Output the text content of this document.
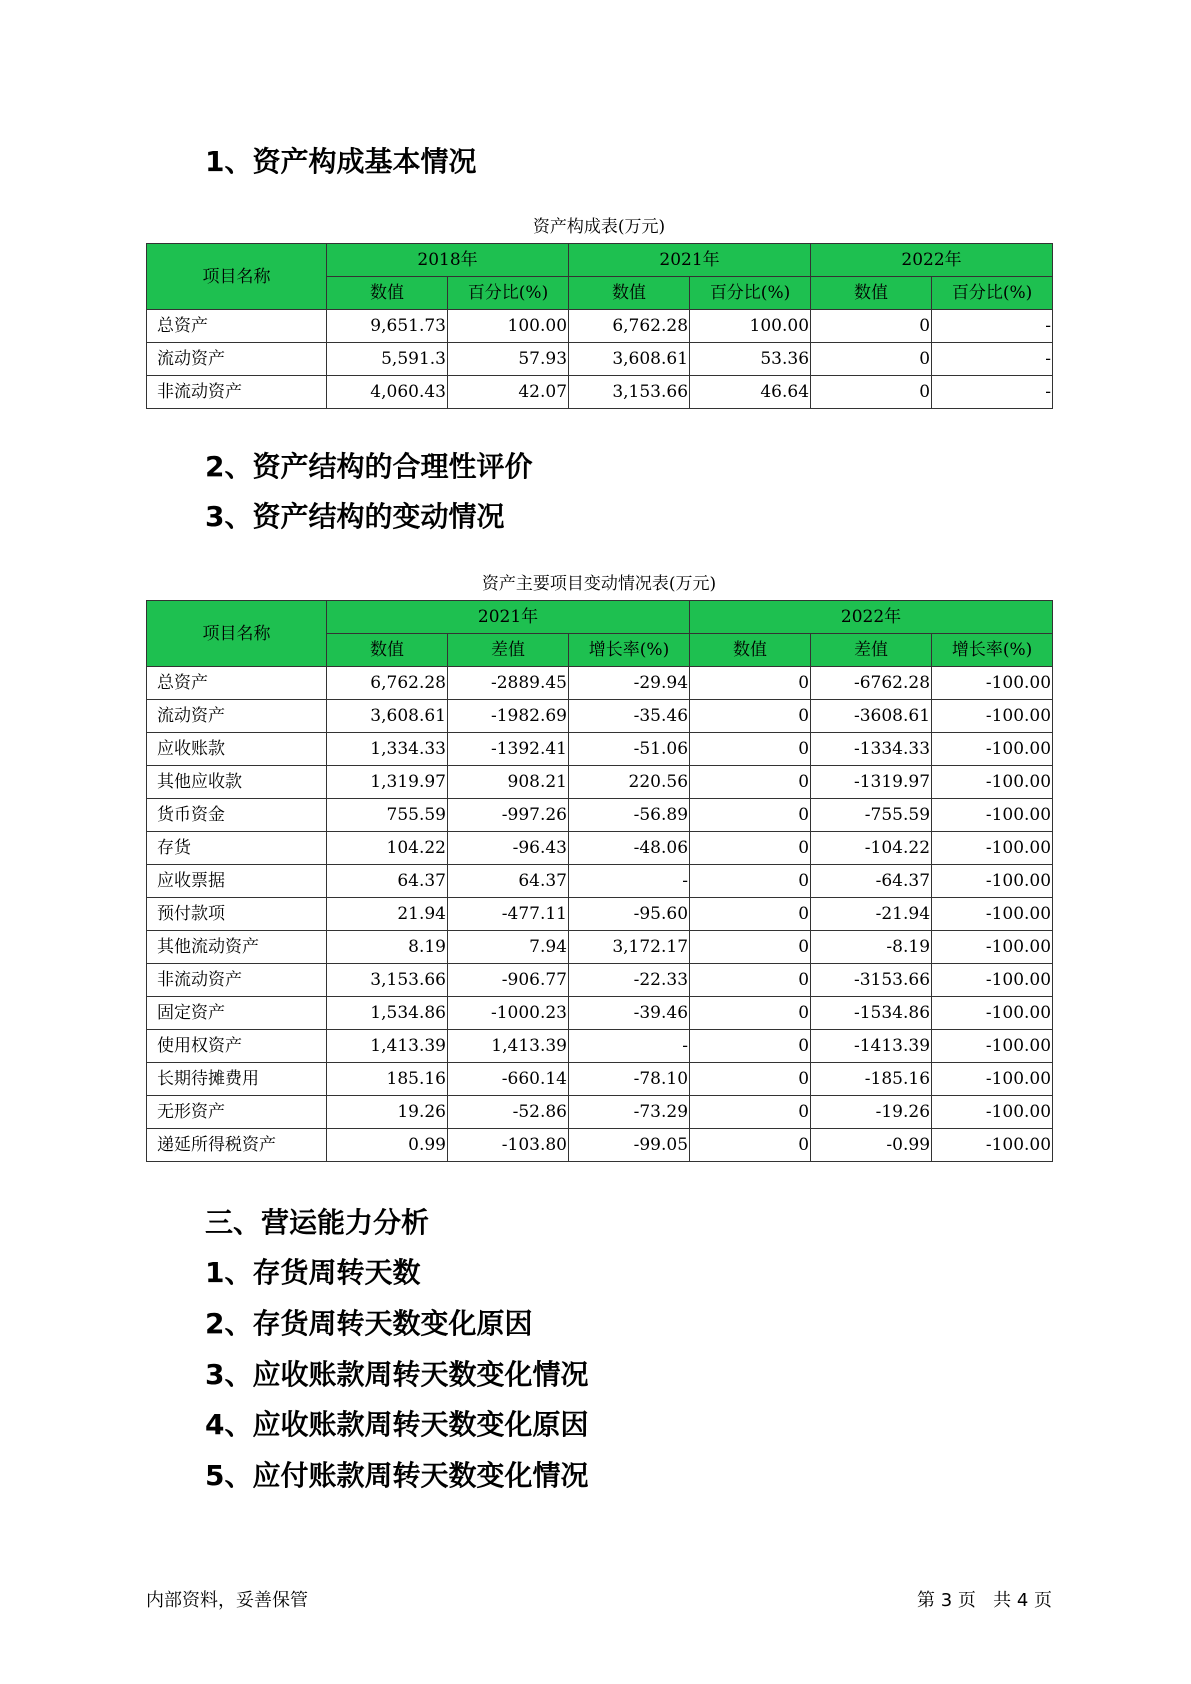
1、资产构成基本情况
资产构成表(万元)
项目名称	2018年		2021年		2022年	
	数值	百分比(%)	数值	百分比(%)	数值	百分比(%)
总资产	9,651.73	100.00	6,762.28	100.00	0	-
流动资产	5,591.3	57.93	3,608.61	53.36	0	-
非流动资产	4,060.43	42.07	3,153.66	46.64	0	-
2、资产结构的合理性评价
3、资产结构的变动情况
资产主要项目变动情况表(万元)
项目名称	2021年			2022年		
	数值	差值	增长率(%)	数值	差值	增长率(%)
总资产	6,762.28	-2889.45	-29.94	0	-6762.28	-100.00
流动资产	3,608.61	-1982.69	-35.46	0	-3608.61	-100.00
应收账款	1,334.33	-1392.41	-51.06	0	-1334.33	-100.00
其他应收款	1,319.97	908.21	220.56	0	-1319.97	-100.00
货币资金	755.59	-997.26	-56.89	0	-755.59	-100.00
存货	104.22	-96.43	-48.06	0	-104.22	-100.00
应收票据	64.37	64.37	-	0	-64.37	-100.00
预付款项	21.94	-477.11	-95.60	0	-21.94	-100.00
其他流动资产	8.19	7.94	3,172.17	0	-8.19	-100.00
非流动资产	3,153.66	-906.77	-22.33	0	-3153.66	-100.00
固定资产	1,534.86	-1000.23	-39.46	0	-1534.86	-100.00
使用权资产	1,413.39	1,413.39	-	0	-1413.39	-100.00
长期待摊费用	185.16	-660.14	-78.10	0	-185.16	-100.00
无形资产	19.26	-52.86	-73.29	0	-19.26	-100.00
递延所得税资产	0.99	-103.80	-99.05	0	-0.99	-100.00
三、营运能力分析
1、存货周转天数
2、存货周转天数变化原因
3、应收账款周转天数变化情况
4、应收账款周转天数变化原因
5、应付账款周转天数变化情况
内部资料，妥善保管	第 3 页   共 4 页
